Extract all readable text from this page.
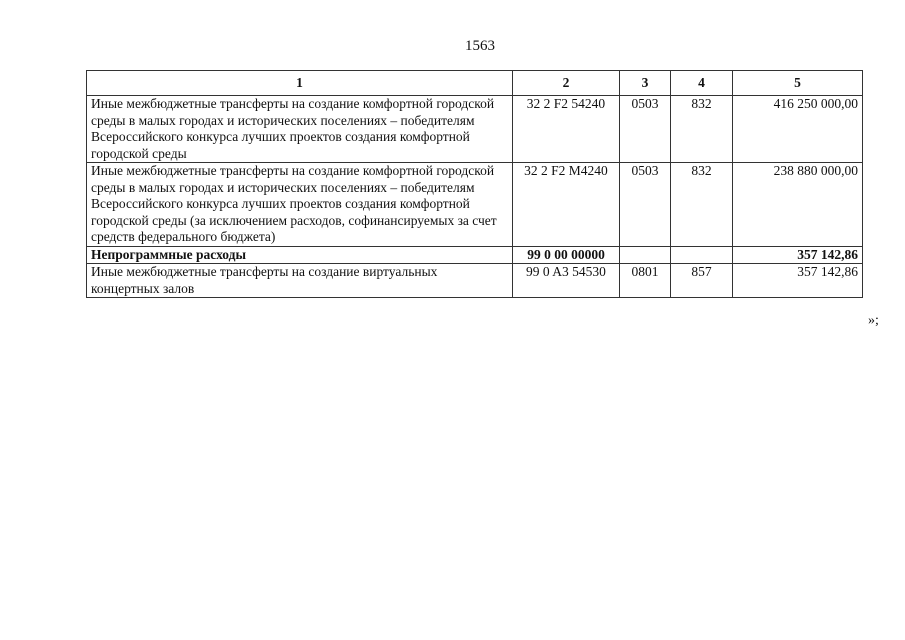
1563
1	2	3	4	5
Иные межбюджетные трансферты на создание комфортной городской среды в малых городах и исторических поселениях – победителям Всероссийского конкурса лучших проектов создания комфортной городской среды	32 2 F2 54240	0503	832	416 250 000,00
Иные межбюджетные трансферты на создание комфортной городской среды в малых городах и исторических поселениях – победителям Всероссийского конкурса лучших проектов создания комфортной городской среды (за исключением расходов, софинансируемых за счет средств федерального бюджета)	32 2 F2 M4240	0503	832	238 880 000,00
Непрограммные расходы	99 0 00 00000			357 142,86
Иные межбюджетные трансферты на создание виртуальных концертных залов	99 0 A3 54530	0801	857	357 142,86
»;
